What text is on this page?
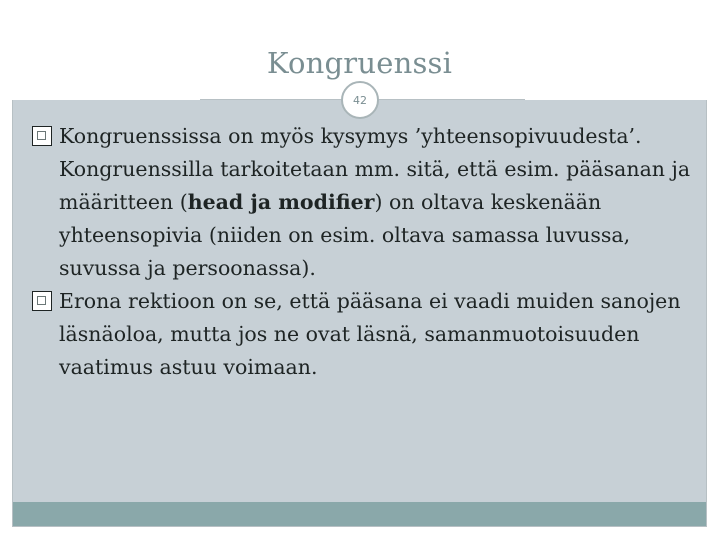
Kongruenssi
42

Kongruenssissa on myös kysymys ’yhteensopivuudesta’. Kongruenssilla tarkoitetaan mm. sitä, että esim. pääsanan ja määritteen (head ja modifier) on oltava keskenään yhteensopivia (niiden on esim. oltava samassa luvussa, suvussa ja persoonassa).

Erona rektioon on se, että pääsana ei vaadi muiden sanojen läsnäoloa, mutta jos ne ovat läsnä, samanmuotoisuuden vaatimus astuu voimaan.
